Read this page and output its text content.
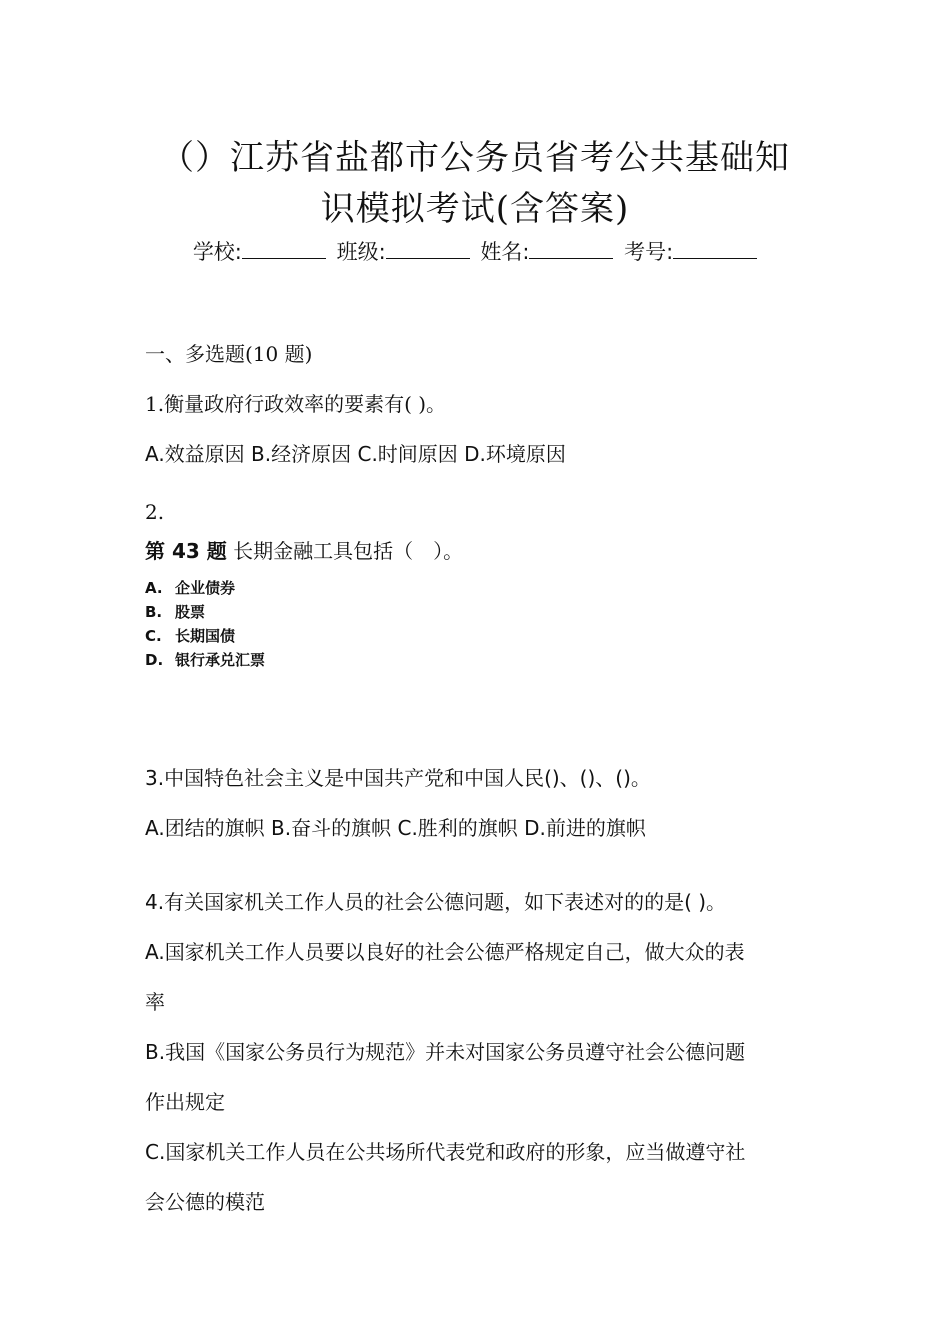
（）江苏省盐都市公务员省考公共基础知
识模拟考试(含答案)
学校:	班级:	姓名:	考号:
一、多选题(10 题)
1.衡量政府行政效率的要素有( )。
A.效益原因 B.经济原因 C.时间原因 D.环境原因
2.
第 43 题 长期金融工具包括（　）。
A. 企业债券
B. 股票
C. 长期国债
D. 银行承兑汇票
3.中国特色社会主义是中国共产党和中国人民()、()、()。
A.团结的旗帜 B.奋斗的旗帜 C.胜利的旗帜 D.前进的旗帜
4.有关国家机关工作人员的社会公德问题，如下表述对的的是( )。
A.国家机关工作人员要以良好的社会公德严格规定自己，做大众的表
率
B.我国《国家公务员行为规范》并未对国家公务员遵守社会公德问题
作出规定
C.国家机关工作人员在公共场所代表党和政府的形象，应当做遵守社
会公德的模范
